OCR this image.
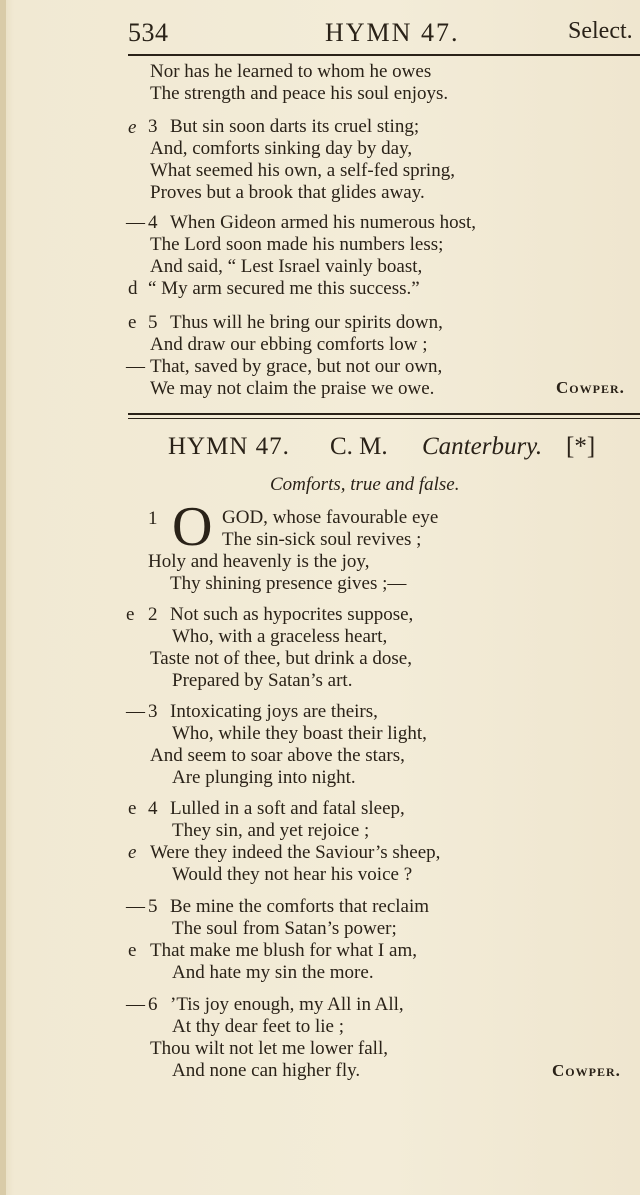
534	HYMN 47.	Select.
Nor has he learned to whom he owes
The strength and peace his soul enjoys.
e 3 But sin soon darts its cruel sting;
And, comforts sinking day by day,
What seemed his own, a self-fed spring,
Proves but a brook that glides away.
— 4 When Gideon armed his numerous host,
The Lord soon made his numbers less;
And said, “ Lest Israel vainly boast,
d “ My arm secured me this success.”
e 5 Thus will he bring our spirits down,
And draw our ebbing comforts low ;
— That, saved by grace, but not our own,
We may not claim the praise we owe.	Cowper.
HYMN 47. C. M. Canterbury. [*]
Comforts, true and false.
1 O GOD, whose favourable eye
The sin-sick soul revives ;
Holy and heavenly is the joy,
Thy shining presence gives ;—
e 2 Not such as hypocrites suppose,
Who, with a graceless heart,
Taste not of thee, but drink a dose,
Prepared by Satan’s art.
— 3 Intoxicating joys are theirs,
Who, while they boast their light,
And seem to soar above the stars,
Are plunging into night.
e 4 Lulled in a soft and fatal sleep,
They sin, and yet rejoice ;
e Were they indeed the Saviour’s sheep,
Would they not hear his voice ?
— 5 Be mine the comforts that reclaim
The soul from Satan’s power;
e That make me blush for what I am,
And hate my sin the more.
— 6 ’Tis joy enough, my All in All,
At thy dear feet to lie ;
Thou wilt not let me lower fall,
And none can higher fly.	Cowper.
